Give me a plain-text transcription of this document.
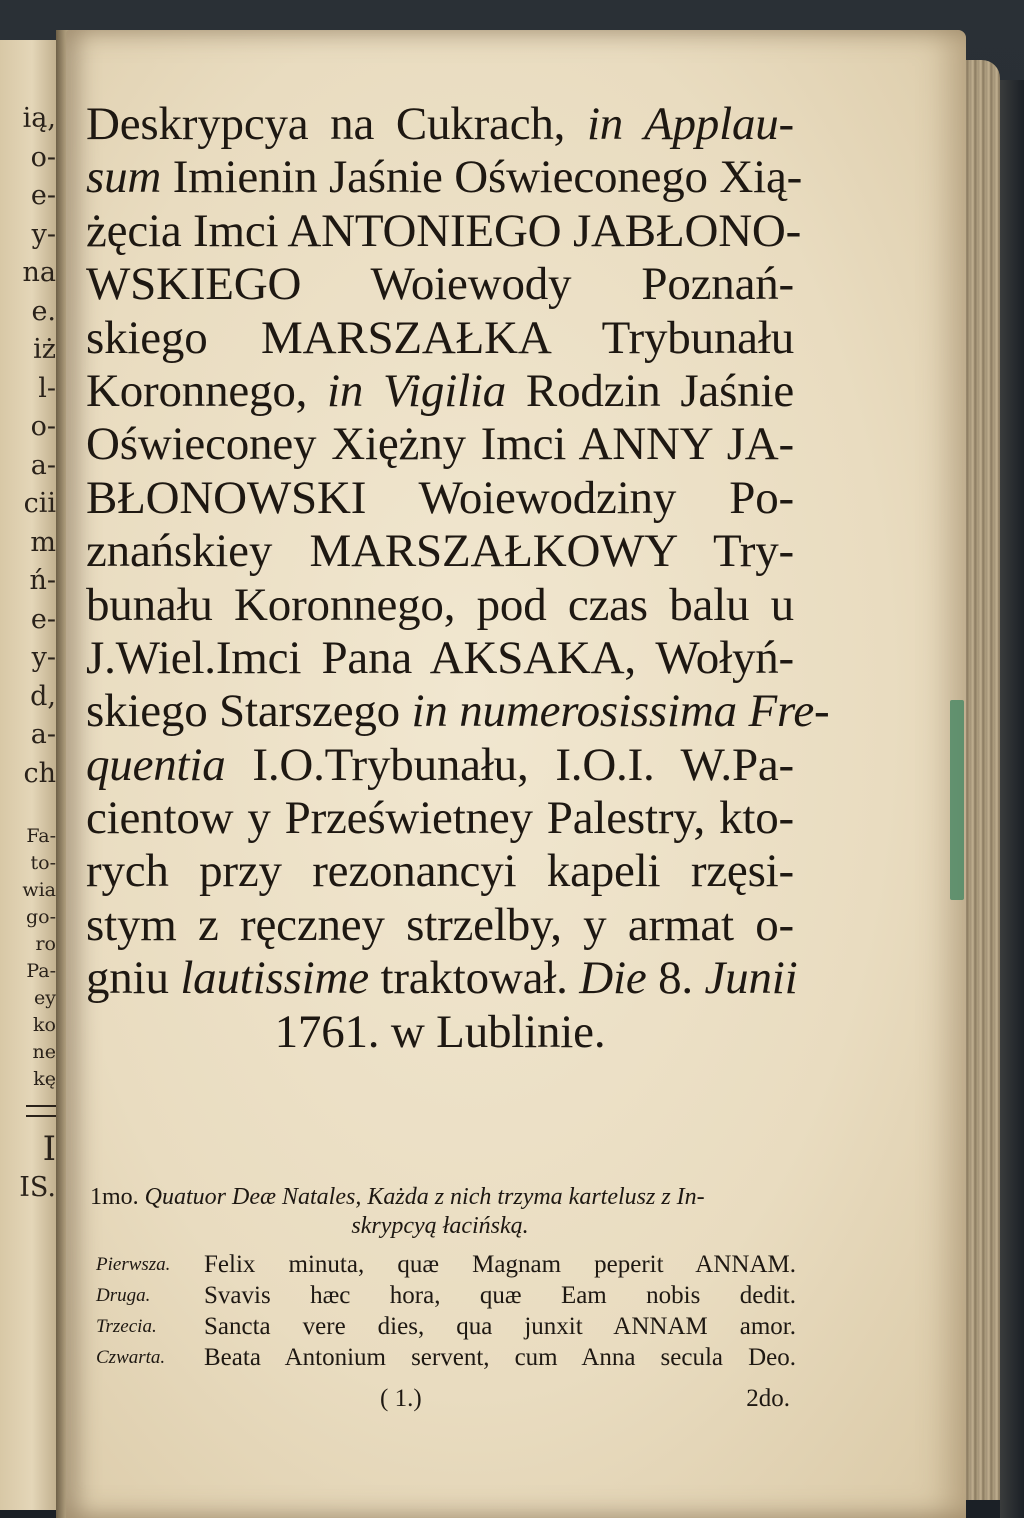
ią,
o-
e-
y-
na
e.
iż
l-
o-
a-
cii
m
ń-
e-
y-
d,
a-
ch
Fa-
to-
wia
go-
ro
Pa-
ey
ko
ne
kę
I
IS.
Deskrypcya na Cukrach, in Applau-
sum Imienin Jaśnie Oświeconego Xią-
żęcia Imci ANTONIEGO JABŁONO-
WSKIEGO Woiewody Poznań-
skiego MARSZAŁKA Trybunału
Koronnego, in Vigilia Rodzin Jaśnie
Oświeconey Xiężny Imci ANNY JA-
BŁONOWSKI Woiewodziny Po-
znańskiey MARSZAŁKOWY Try-
bunału Koronnego, pod czas balu u
J.Wiel.Imci Pana AKSAKA, Wołyń-
skiego Starszego in numerosissima Fre-
quentia I.O.Trybunału, I.O.I. W.Pa-
cientow y Prześwietney Palestry, kto-
rych przy rezonancyi kapeli rzęsi-
stym z ręczney strzelby, y armat o-
gniu lautissime traktował. Die 8. Junii
1761. w Lublinie.
1mo. Quatuor Deæ Natales, Każda z nich trzyma kartelusz z In-
skrypcyą łacińską.
Pierwsza.	Felix minuta, quæ Magnam peperit ANNAM.
Druga.	Svavis hæc hora, quæ Eam nobis dedit.
Trzecia.	Sancta vere dies, qua junxit ANNAM amor.
Czwarta.	Beata Antonium servent, cum Anna secula Deo.
( 1.)	2do.
